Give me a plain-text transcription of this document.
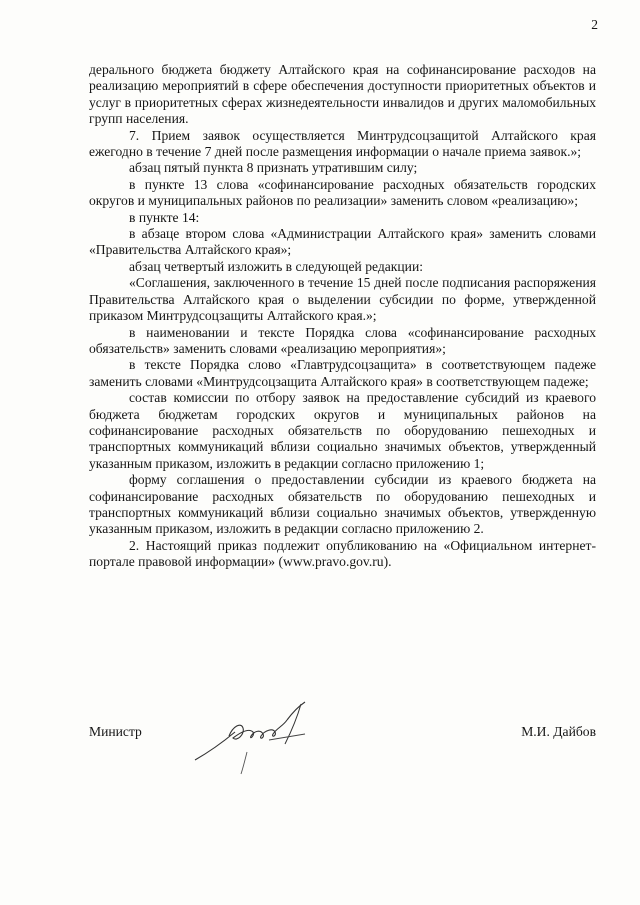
2

дерального бюджета бюджету Алтайского края на софинансирование расходов на реализацию мероприятий в сфере обеспечения доступности приоритетных объектов и услуг в приоритетных сферах жизнедеятельности инвалидов и других маломобильных групп населения.

7. Прием заявок осуществляется Минтрудсоцзащитой Алтайского края ежегодно в течение 7 дней после размещения информации о начале приема заявок.»;

абзац пятый пункта 8 признать утратившим силу;

в пункте 13 слова «софинансирование расходных обязательств городских округов и муниципальных районов по реализации» заменить словом «реализацию»;

в пункте 14:

в абзаце втором слова «Администрации Алтайского края» заменить словами «Правительства Алтайского края»;

абзац четвертый изложить в следующей редакции:

«Соглашения, заключенного в течение 15 дней после подписания распоряжения Правительства Алтайского края о выделении субсидии по форме, утвержденной приказом Минтрудсоцзащиты Алтайского края.»;

в наименовании и тексте Порядка слова «софинансирование расходных обязательств» заменить словами «реализацию мероприятия»;

в тексте Порядка слово «Главтрудсоцзащита» в соответствующем падеже заменить словами «Минтрудсоцзащита Алтайского края» в соответствующем падеже;

состав комиссии по отбору заявок на предоставление субсидий из краевого бюджета бюджетам городских округов и муниципальных районов на софинансирование расходных обязательств по оборудованию пешеходных и транспортных коммуникаций вблизи социально значимых объектов, утвержденный указанным приказом, изложить в редакции согласно приложению 1;

форму соглашения о предоставлении субсидии из краевого бюджета на софинансирование расходных обязательств по оборудованию пешеходных и транспортных коммуникаций вблизи социально значимых объектов, утвержденную указанным приказом, изложить в редакции согласно приложению 2.

2. Настоящий приказ подлежит опубликованию на «Официальном интернет-портале правовой информации» (www.pravo.gov.ru).

Министр	М.И. Дайбов
